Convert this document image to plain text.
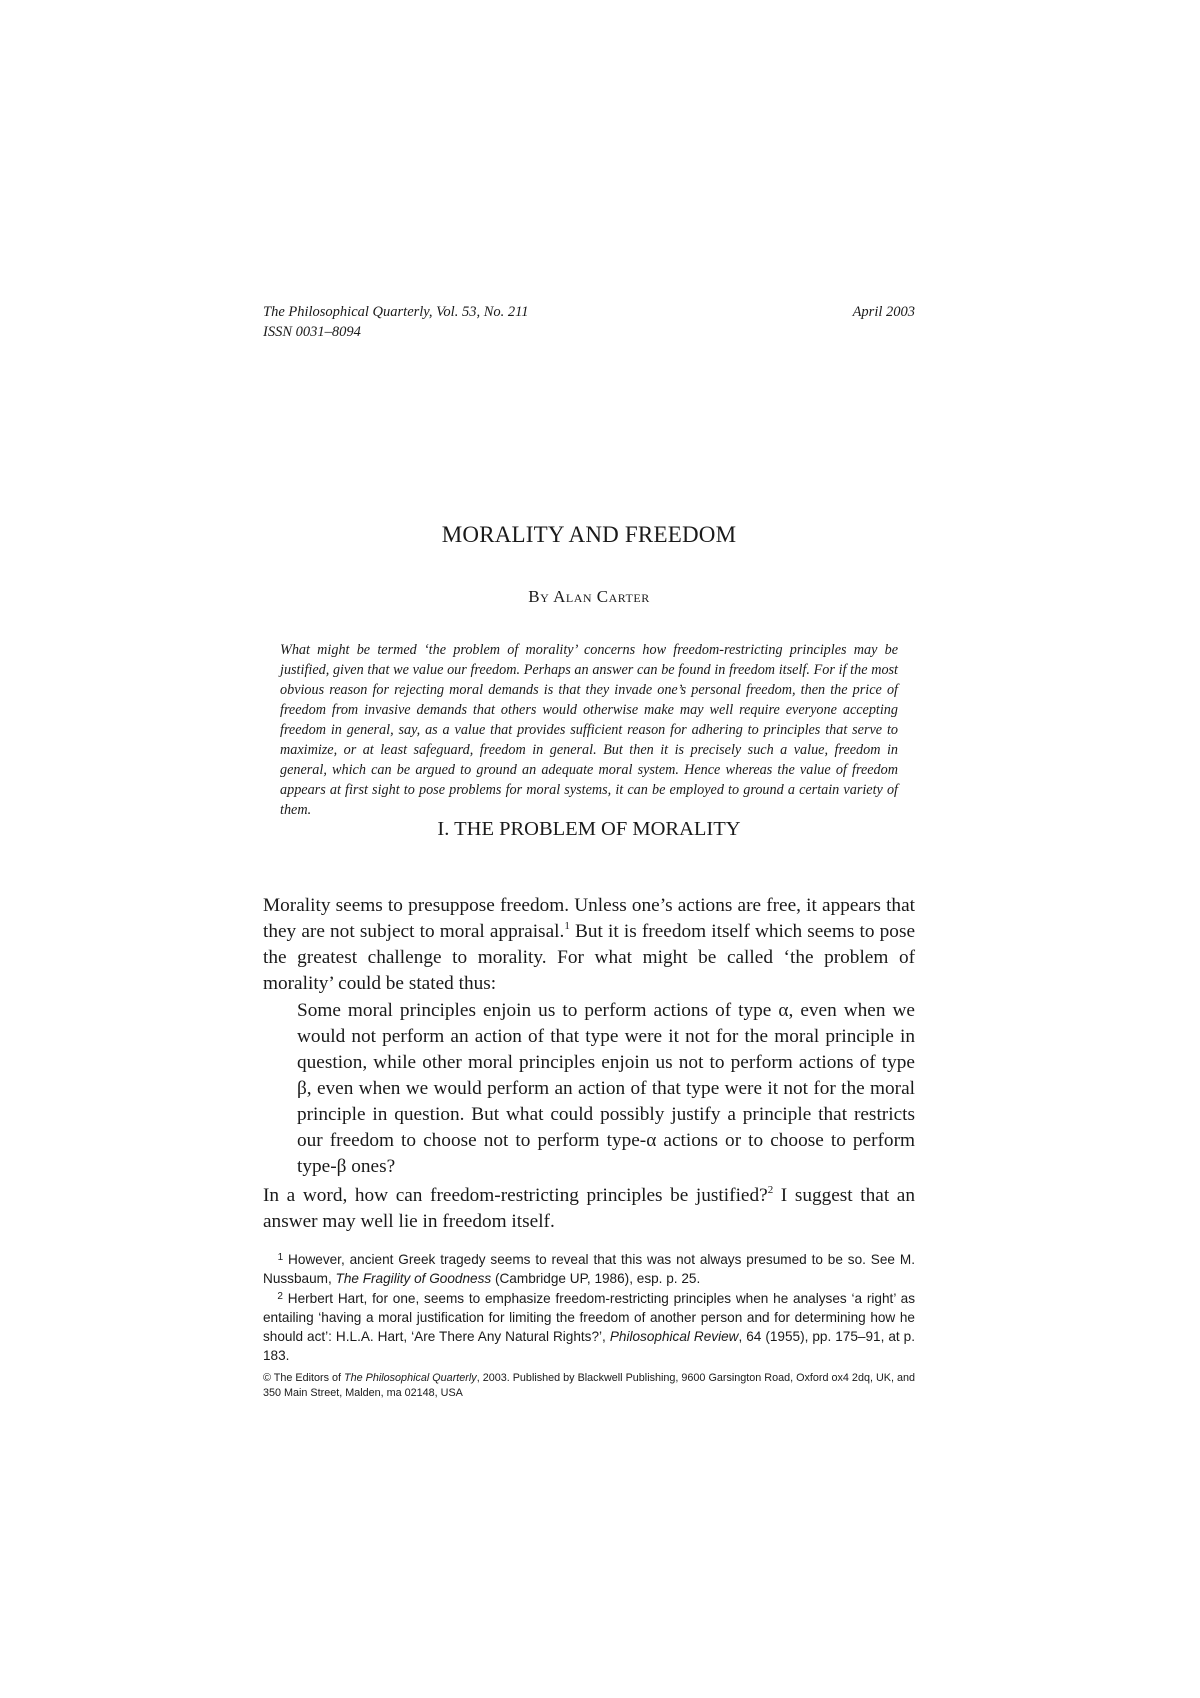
The Philosophical Quarterly, Vol. 53, No. 211
ISSN 0031–8094
April 2003
MORALITY AND FREEDOM
By Alan Carter
What might be termed ‘the problem of morality’ concerns how freedom-restricting principles may be justified, given that we value our freedom. Perhaps an answer can be found in freedom itself. For if the most obvious reason for rejecting moral demands is that they invade one’s personal freedom, then the price of freedom from invasive demands that others would otherwise make may well require everyone accepting freedom in general, say, as a value that provides sufficient reason for adhering to principles that serve to maximize, or at least safeguard, freedom in general. But then it is precisely such a value, freedom in general, which can be argued to ground an adequate moral system. Hence whereas the value of freedom appears at first sight to pose problems for moral systems, it can be employed to ground a certain variety of them.
I. THE PROBLEM OF MORALITY
Morality seems to presuppose freedom. Unless one’s actions are free, it appears that they are not subject to moral appraisal.$^1$ But it is freedom itself which seems to pose the greatest challenge to morality. For what might be called ‘the problem of morality’ could be stated thus:
Some moral principles enjoin us to perform actions of type α, even when we would not perform an action of that type were it not for the moral principle in question, while other moral principles enjoin us not to perform actions of type β, even when we would perform an action of that type were it not for the moral principle in question. But what could possibly justify a principle that restricts our freedom to choose not to perform type-α actions or to choose to perform type-β ones?
In a word, how can freedom-restricting principles be justified?$^2$ I suggest that an answer may well lie in freedom itself.
$^1$ However, ancient Greek tragedy seems to reveal that this was not always presumed to be so. See M. Nussbaum, The Fragility of Goodness (Cambridge UP, 1986), esp. p. 25.
$^2$ Herbert Hart, for one, seems to emphasize freedom-restricting principles when he analyses ‘a right’ as entailing ‘having a moral justification for limiting the freedom of another person and for determining how he should act’: H.L.A. Hart, ‘Are There Any Natural Rights?’, Philosophical Review, 64 (1955), pp. 175–91, at p. 183.
© The Editors of The Philosophical Quarterly, 2003. Published by Blackwell Publishing, 9600 Garsington Road, Oxford ox4 2dq, UK, and 350 Main Street, Malden, ma 02148, USA
